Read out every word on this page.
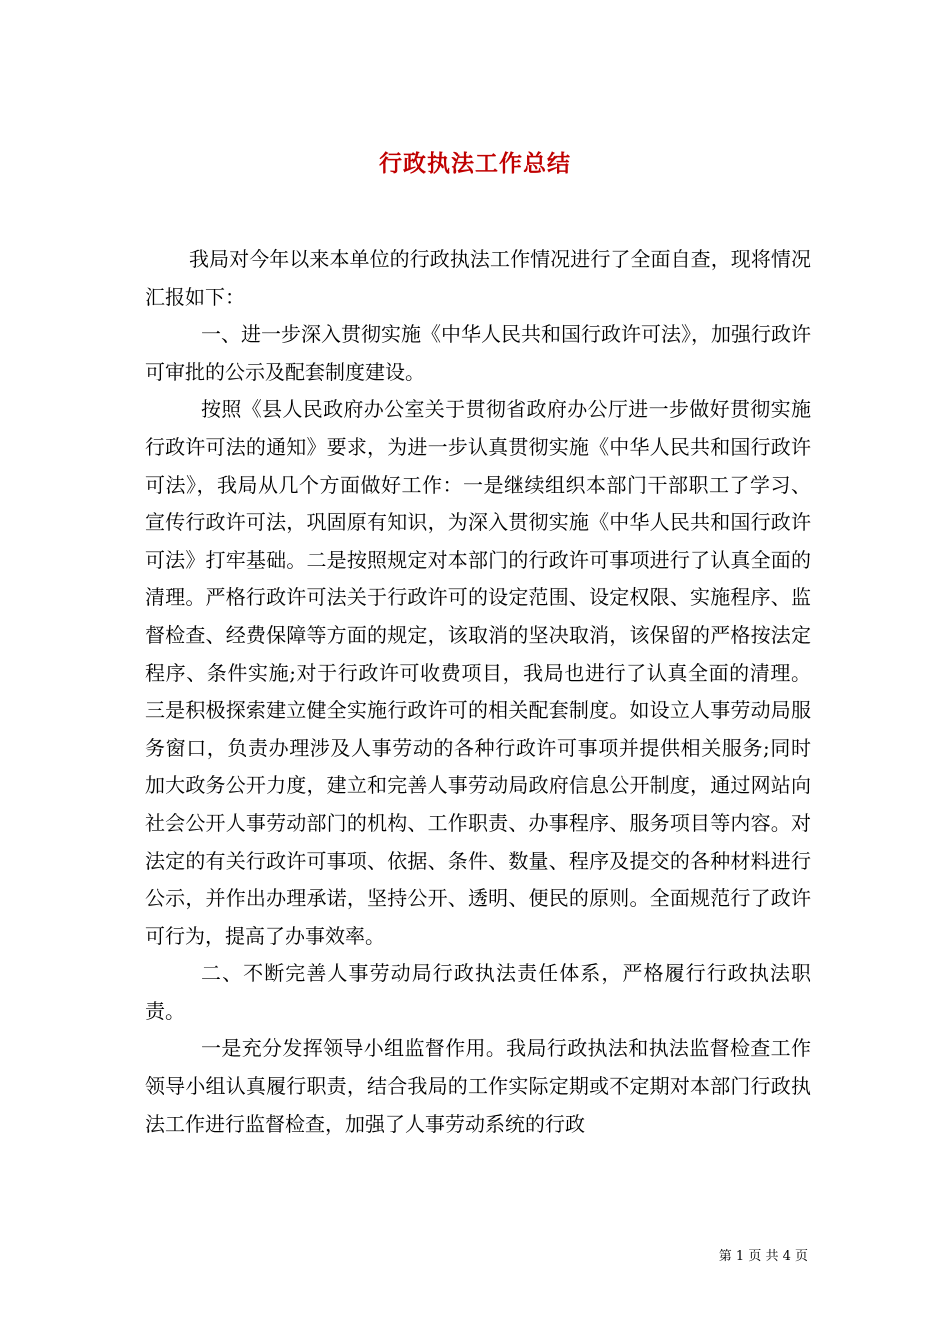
行政执法工作总结

我局对今年以来本单位的行政执法工作情况进行了全面自查，现将情况汇报如下：

一、进一步深入贯彻实施《中华人民共和国行政许可法》，加强行政许可审批的公示及配套制度建设。

按照《县人民政府办公室关于贯彻省政府办公厅进一步做好贯彻实施行政许可法的通知》要求，为进一步认真贯彻实施《中华人民共和国行政许可法》，我局从几个方面做好工作：一是继续组织本部门干部职工了学习、宣传行政许可法，巩固原有知识，为深入贯彻实施《中华人民共和国行政许可法》打牢基础。二是按照规定对本部门的行政许可事项进行了认真全面的清理。严格行政许可法关于行政许可的设定范围、设定权限、实施程序、监督检查、经费保障等方面的规定，该取消的坚决取消，该保留的严格按法定程序、条件实施;对于行政许可收费项目，我局也进行了认真全面的清理。三是积极探索建立健全实施行政许可的相关配套制度。如设立人事劳动局服务窗口，负责办理涉及人事劳动的各种行政许可事项并提供相关服务;同时加大政务公开力度，建立和完善人事劳动局政府信息公开制度，通过网站向社会公开人事劳动部门的机构、工作职责、办事程序、服务项目等内容。对法定的有关行政许可事项、依据、条件、数量、程序及提交的各种材料进行公示，并作出办理承诺，坚持公开、透明、便民的原则。全面规范行了政许可行为，提高了办事效率。

二、不断完善人事劳动局行政执法责任体系，严格履行行政执法职责。

一是充分发挥领导小组监督作用。我局行政执法和执法监督检查工作领导小组认真履行职责，结合我局的工作实际定期或不定期对本部门行政执法工作进行监督检查，加强了人事劳动系统的行政

第 1 页 共 4 页
